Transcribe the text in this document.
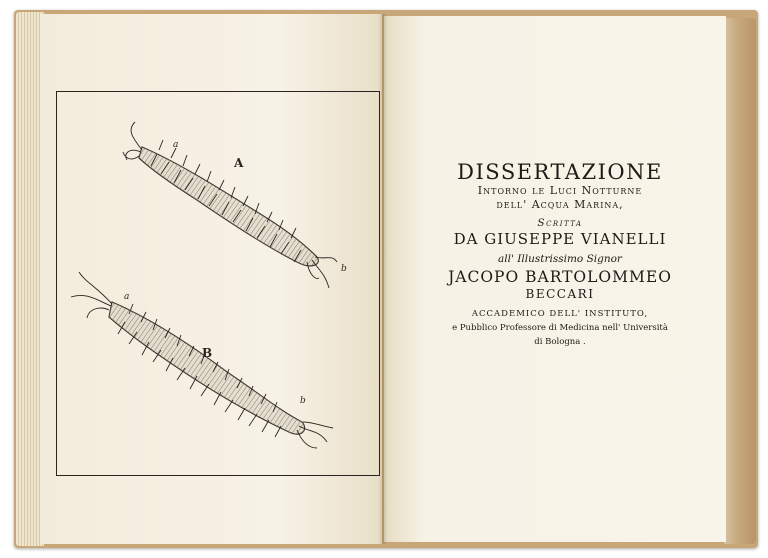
A
a
b
B
a
b
DISSERTAZIONE
Intorno le Luci Notturne
dell' Acqua Marina,
Scritta
DA GIUSEPPE VIANELLI
all' Illustrissimo Signor
JACOPO BARTOLOMMEO
BECCARI
ACCADEMICO DELL' INSTITUTO,
e Pubblico Professore di Medicina nell' Università
di Bologna .
